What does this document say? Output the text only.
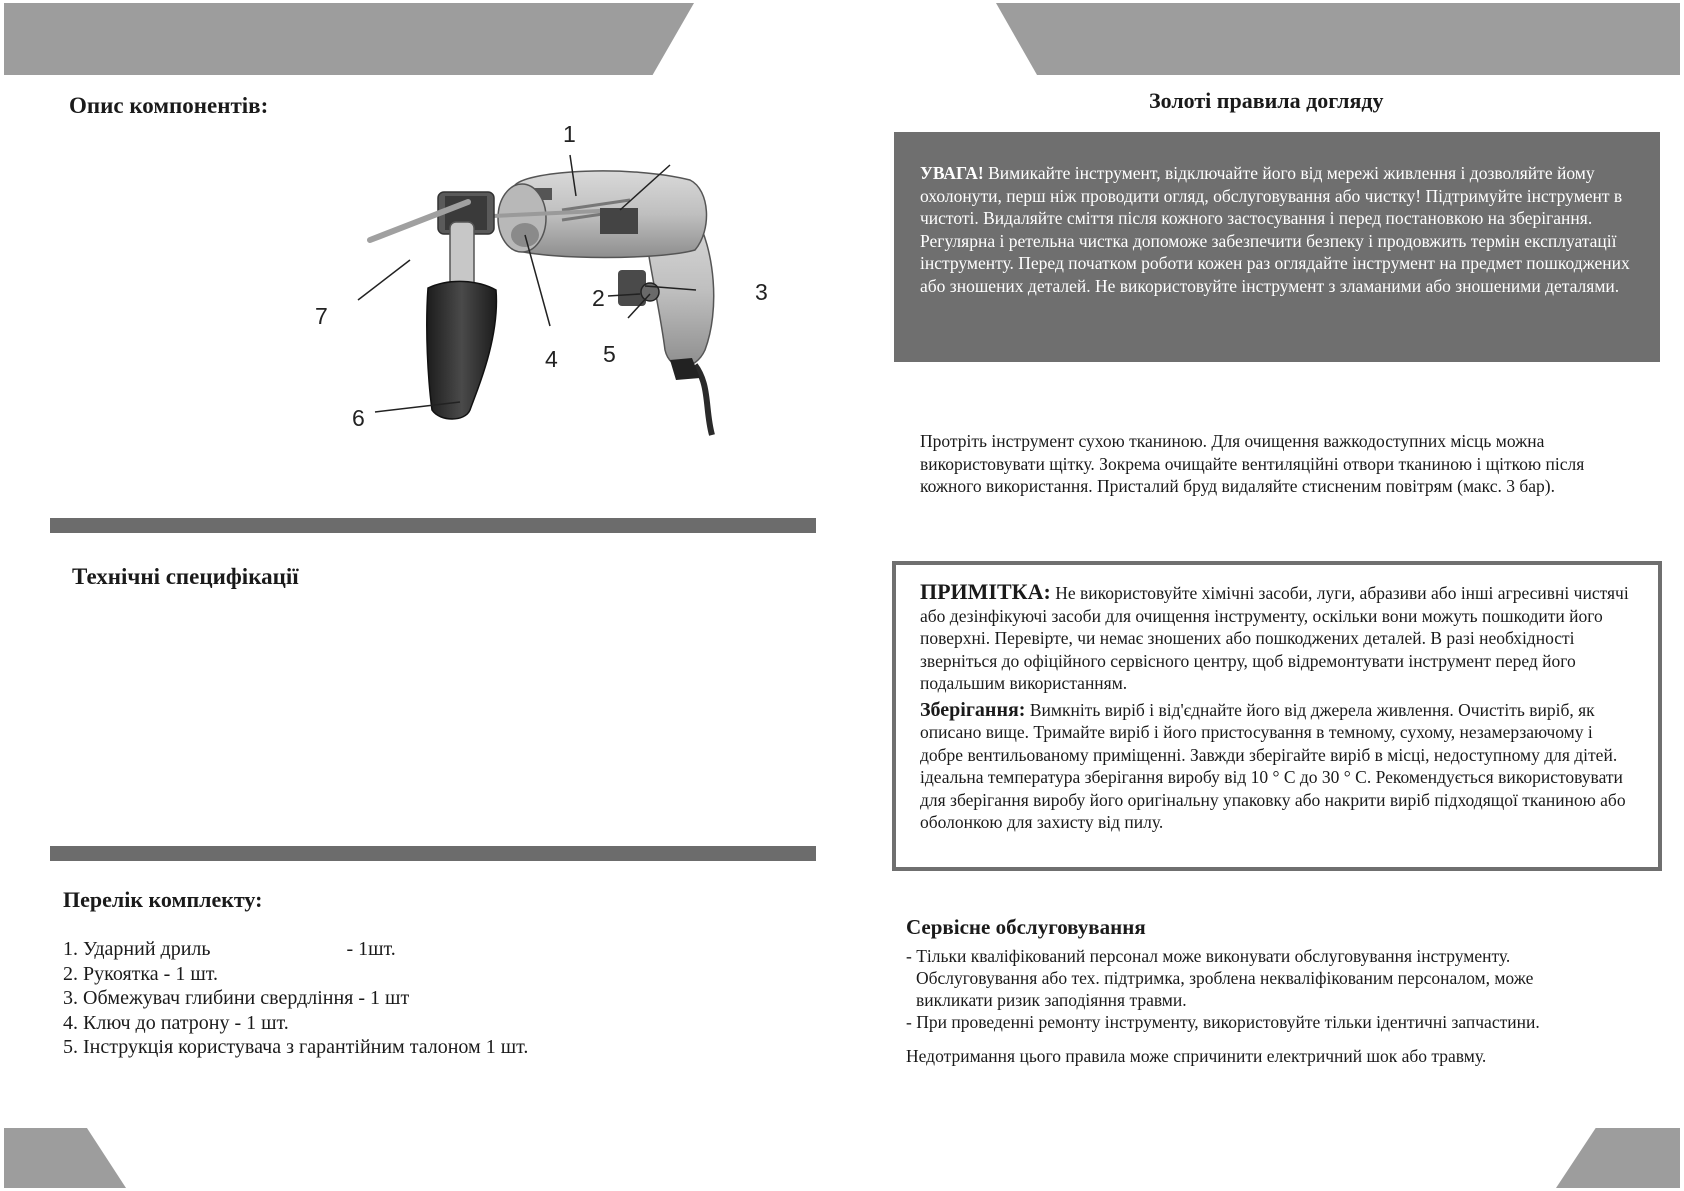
Опис компонентів:
1
2	3
4 5
6
7
Технічні специфікації
Перелік комплекту:
1. Ударний дриль	- 1шт.
2. Рукоятка - 1 шт.
3. Обмежувач глибини свердління - 1 шт
4. Ключ до патрону - 1 шт.
5. Інструкція користувача з гарантійним талоном 1 шт.
Золоті правила догляду

УВАГА! Вимикайте інструмент, відключайте його від мережі живлення і дозволяйте йому охолонути, перш ніж проводити огляд, обслуговування або чистку! Підтримуйте інструмент в чистоті. Видаляйте сміття після кожного застосування і перед постановкою на зберігання. Регулярна і ретельна чистка допоможе забезпечити безпеку і продовжить термін експлуатації інструменту. Перед початком роботи кожен раз оглядайте інструмент на предмет пошкоджених або зношених деталей. Не використовуйте інструмент з зламаними або зношеними деталями.

Протріть інструмент сухою тканиною. Для очищення важкодоступних місць можна використовувати щітку. Зокрема очищайте вентиляційні отвори тканиною і щіткою після кожного використання. Присталий бруд видаляйте стисненим повітрям (макс. 3 бар).

ПРИМІТКА: Не використовуйте хімічні засоби, луги, абразиви або інші агресивні чистячі або дезінфікуючі засоби для очищення інструменту, оскільки вони можуть пошкодити його поверхні. Перевірте, чи немає зношених або пошкоджених деталей. В разі необхідності зверніться до офіційного сервісного центру, щоб відремонтувати інструмент перед його подальшим використанням.

Зберігання: Вимкніть виріб і від'єднайте його від джерела живлення. Очистіть виріб, як описано вище. Тримайте виріб і його пристосування в темному, сухому, незамерзаючому і добре вентильованому приміщенні. Завжди зберігайте виріб в місці, недоступному для дітей. ідеальна температура зберігання виробу від 10 ° С до 30 ° С. Рекомендується використовувати для зберігання виробу його оригінальну упаковку або накрити виріб підходящої тканиною або оболонкою для захисту від пилу.

Сервісне обслуговування
- Тільки кваліфікований персонал може виконувати обслуговування інструменту.
Обслуговування або тех. підтримка, зроблена некваліфікованим персоналом, може викликати ризик заподіяння травми.
- При проведенні ремонту інструменту, використовуйте тільки ідентичні запчастини.

Недотримання цього правила може спричинити електричний шок або травму.
